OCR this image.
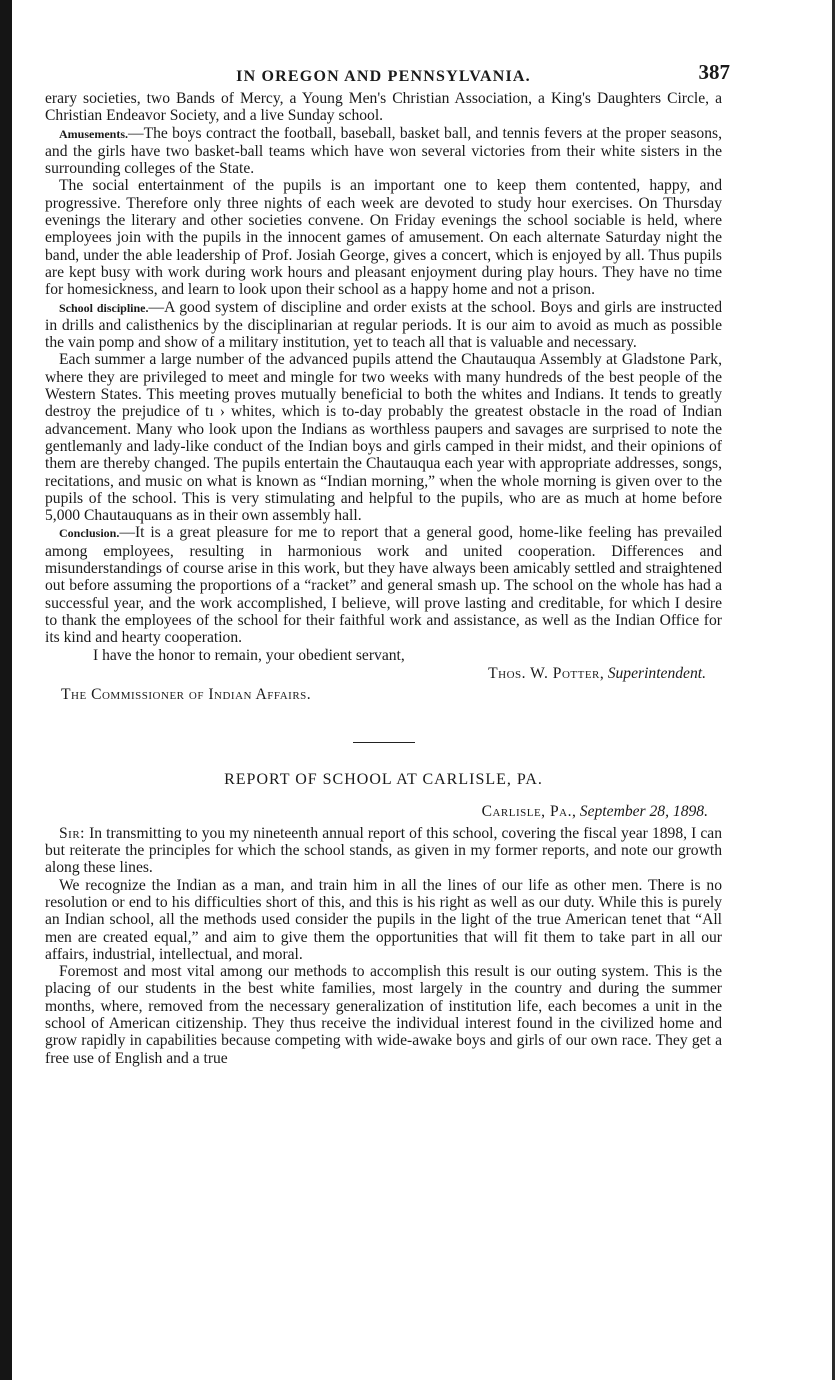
IN OREGON AND PENNSYLVANIA.	387

erary societies, two Bands of Mercy, a Young Men's Christian Association, a King's Daughters Circle, a Christian Endeavor Society, and a live Sunday school.

Amusements.—The boys contract the football, baseball, basket ball, and tennis fevers at the proper seasons, and the girls have two basket-ball teams which have won several victories from their white sisters in the surrounding colleges of the State.

The social entertainment of the pupils is an important one to keep them contented, happy, and progressive. Therefore only three nights of each week are devoted to study hour exercises. On Thursday evenings the literary and other societies convene. On Friday evenings the school sociable is held, where employees join with the pupils in the innocent games of amusement. On each alternate Saturday night the band, under the able leadership of Prof. Josiah George, gives a concert, which is enjoyed by all. Thus pupils are kept busy with work during work hours and pleasant enjoyment during play hours. They have no time for homesickness, and learn to look upon their school as a happy home and not a prison.

School discipline.—A good system of discipline and order exists at the school. Boys and girls are instructed in drills and calisthenics by the disciplinarian at regular periods. It is our aim to avoid as much as possible the vain pomp and show of a military institution, yet to teach all that is valuable and necessary.

Each summer a large number of the advanced pupils attend the Chautauqua Assembly at Gladstone Park, where they are privileged to meet and mingle for two weeks with many hundreds of the best people of the Western States. This meeting proves mutually beneficial to both the whites and Indians. It tends to greatly destroy the prejudice of tı › whites, which is to-day probably the greatest obstacle in the road of Indian advancement. Many who look upon the Indians as worthless paupers and savages are surprised to note the gentlemanly and lady-like conduct of the Indian boys and girls camped in their midst, and their opinions of them are thereby changed. The pupils entertain the Chautauqua each year with appropriate addresses, songs, recitations, and music on what is known as “Indian morning,” when the whole morning is given over to the pupils of the school. This is very stimulating and helpful to the pupils, who are as much at home before 5,000 Chautauquans as in their own assembly hall.

Conclusion.—It is a great pleasure for me to report that a general good, home-like feeling has prevailed among employees, resulting in harmonious work and united cooperation. Differences and misunderstandings of course arise in this work, but they have always been amicably settled and straightened out before assuming the proportions of a “racket” and general smash up. The school on the whole has had a successful year, and the work accomplished, I believe, will prove lasting and creditable, for which I desire to thank the employees of the school for their faithful work and assistance, as well as the Indian Office for its kind and hearty cooperation.

I have the honor to remain, your obedient servant,

Thos. W. Potter, Superintendent.

The Commissioner of Indian Affairs.

REPORT OF SCHOOL AT CARLISLE, PA.

Carlisle, Pa., September 28, 1898.

Sir: In transmitting to you my nineteenth annual report of this school, covering the fiscal year 1898, I can but reiterate the principles for which the school stands, as given in my former reports, and note our growth along these lines.

We recognize the Indian as a man, and train him in all the lines of our life as other men. There is no resolution or end to his difficulties short of this, and this is his right as well as our duty. While this is purely an Indian school, all the methods used consider the pupils in the light of the true American tenet that “All men are created equal,” and aim to give them the opportunities that will fit them to take part in all our affairs, industrial, intellectual, and moral.

Foremost and most vital among our methods to accomplish this result is our outing system. This is the placing of our students in the best white families, most largely in the country and during the summer months, where, removed from the necessary generalization of institution life, each becomes a unit in the school of American citizenship. They thus receive the individual interest found in the civilized home and grow rapidly in capabilities because competing with wide-awake boys and girls of our own race. They get a free use of English and a true
